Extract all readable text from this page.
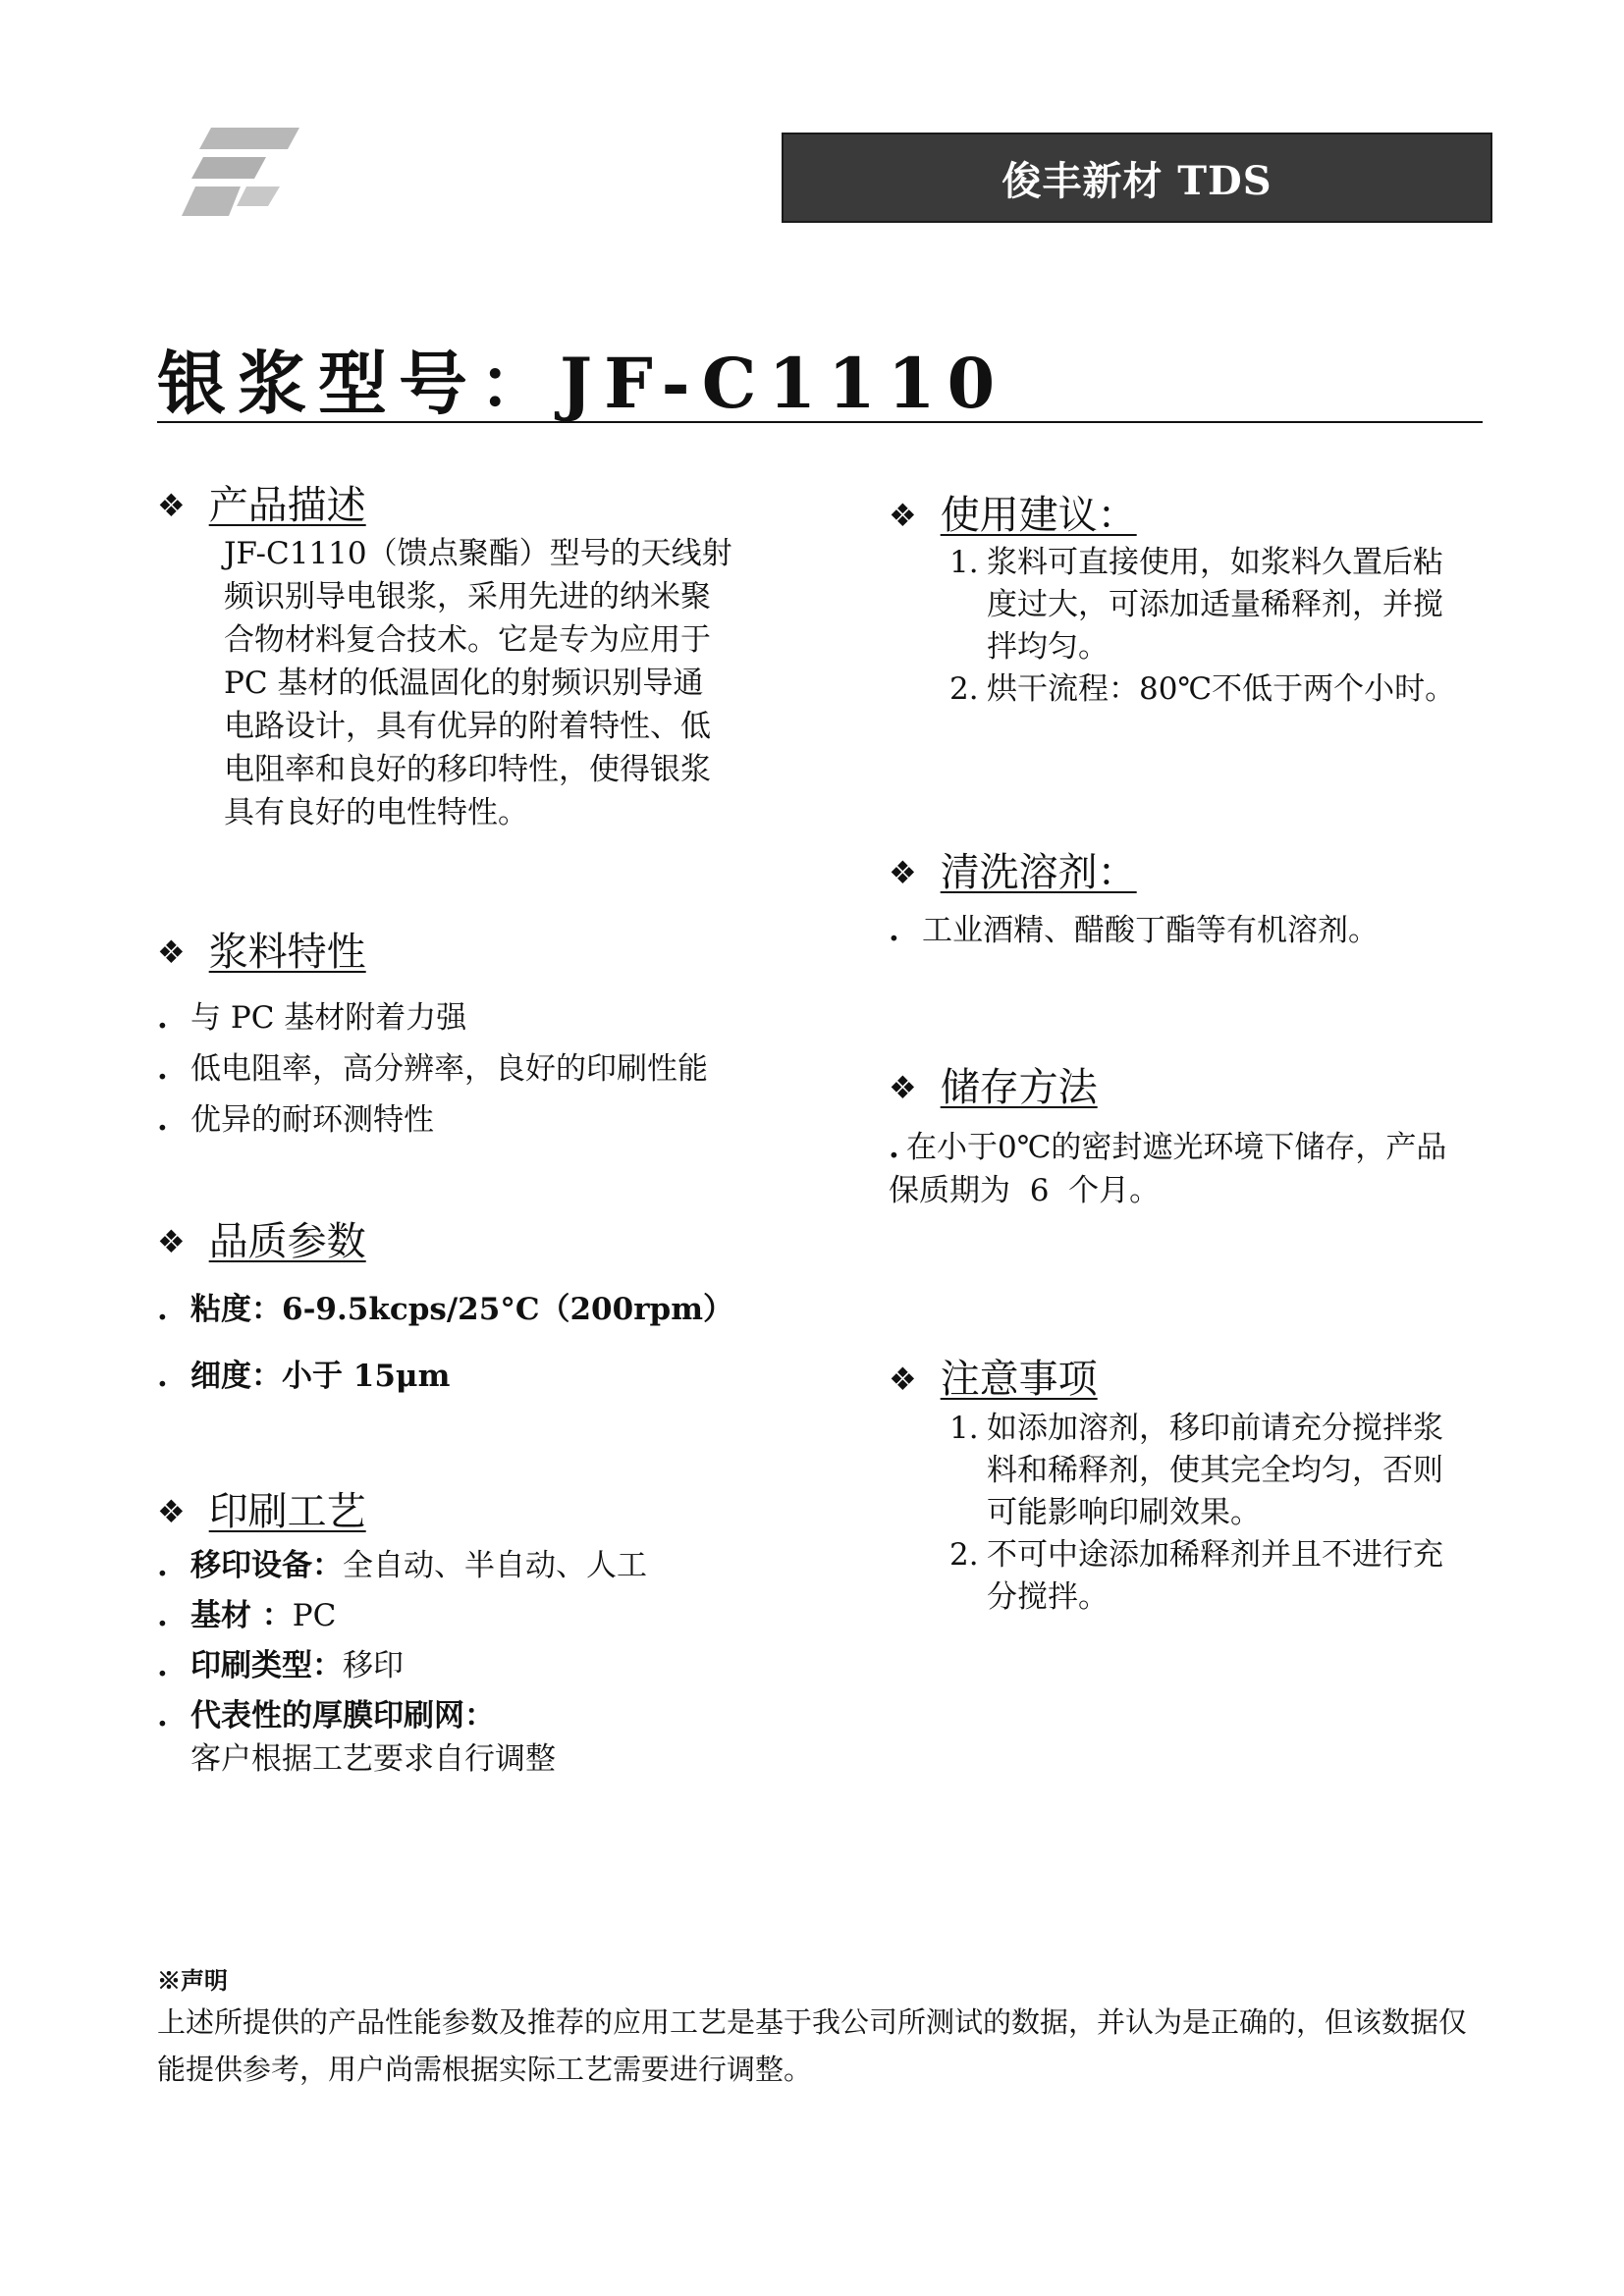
俊丰新材 TDS
银浆型号：JF-C1110
❖ 产品描述
JF-C1110（馈点聚酯）型号的天线射
频识别导电银浆，采用先进的纳米聚
合物材料复合技术。它是专为应用于
PC 基材的低温固化的射频识别导通
电路设计，具有优异的附着特性、低
电阻率和良好的移印特性，使得银浆
具有良好的电性特性。
❖ 浆料特性
. 与 PC 基材附着力强
. 低电阻率，高分辨率，良好的印刷性能
. 优异的耐环测特性
❖ 品质参数
. 粘度： 6-9.5kcps/25°C（200rpm）
. 细度： 小于 15μm
❖ 印刷工艺
. 移印设备： 全自动、半自动、人工
. 基材 ： PC
. 印刷类型： 移印
. 代表性的厚膜印刷网：
客户根据工艺要求自行调整
❖ 使用建议：
1. 浆料可直接使用，如浆料久置后粘
度过大，可添加适量稀释剂，并搅
拌均匀。
2. 烘干流程：80℃不低于两个小时。
❖ 清洗溶剂：
. 工业酒精、醋酸丁酯等有机溶剂。
❖ 储存方法
. 在小于0℃的密封遮光环境下储存，产品
保质期为  6  个月。
❖ 注意事项
1. 如添加溶剂，移印前请充分搅拌浆
料和稀释剂，使其完全均匀，否则
可能影响印刷效果。
2. 不可中途添加稀释剂并且不进行充
分搅拌。
※声明
上述所提供的产品性能参数及推荐的应用工艺是基于我公司所测试的数据，并认为是正确的，但该数据仅
能提供参考，用户尚需根据实际工艺需要进行调整。
